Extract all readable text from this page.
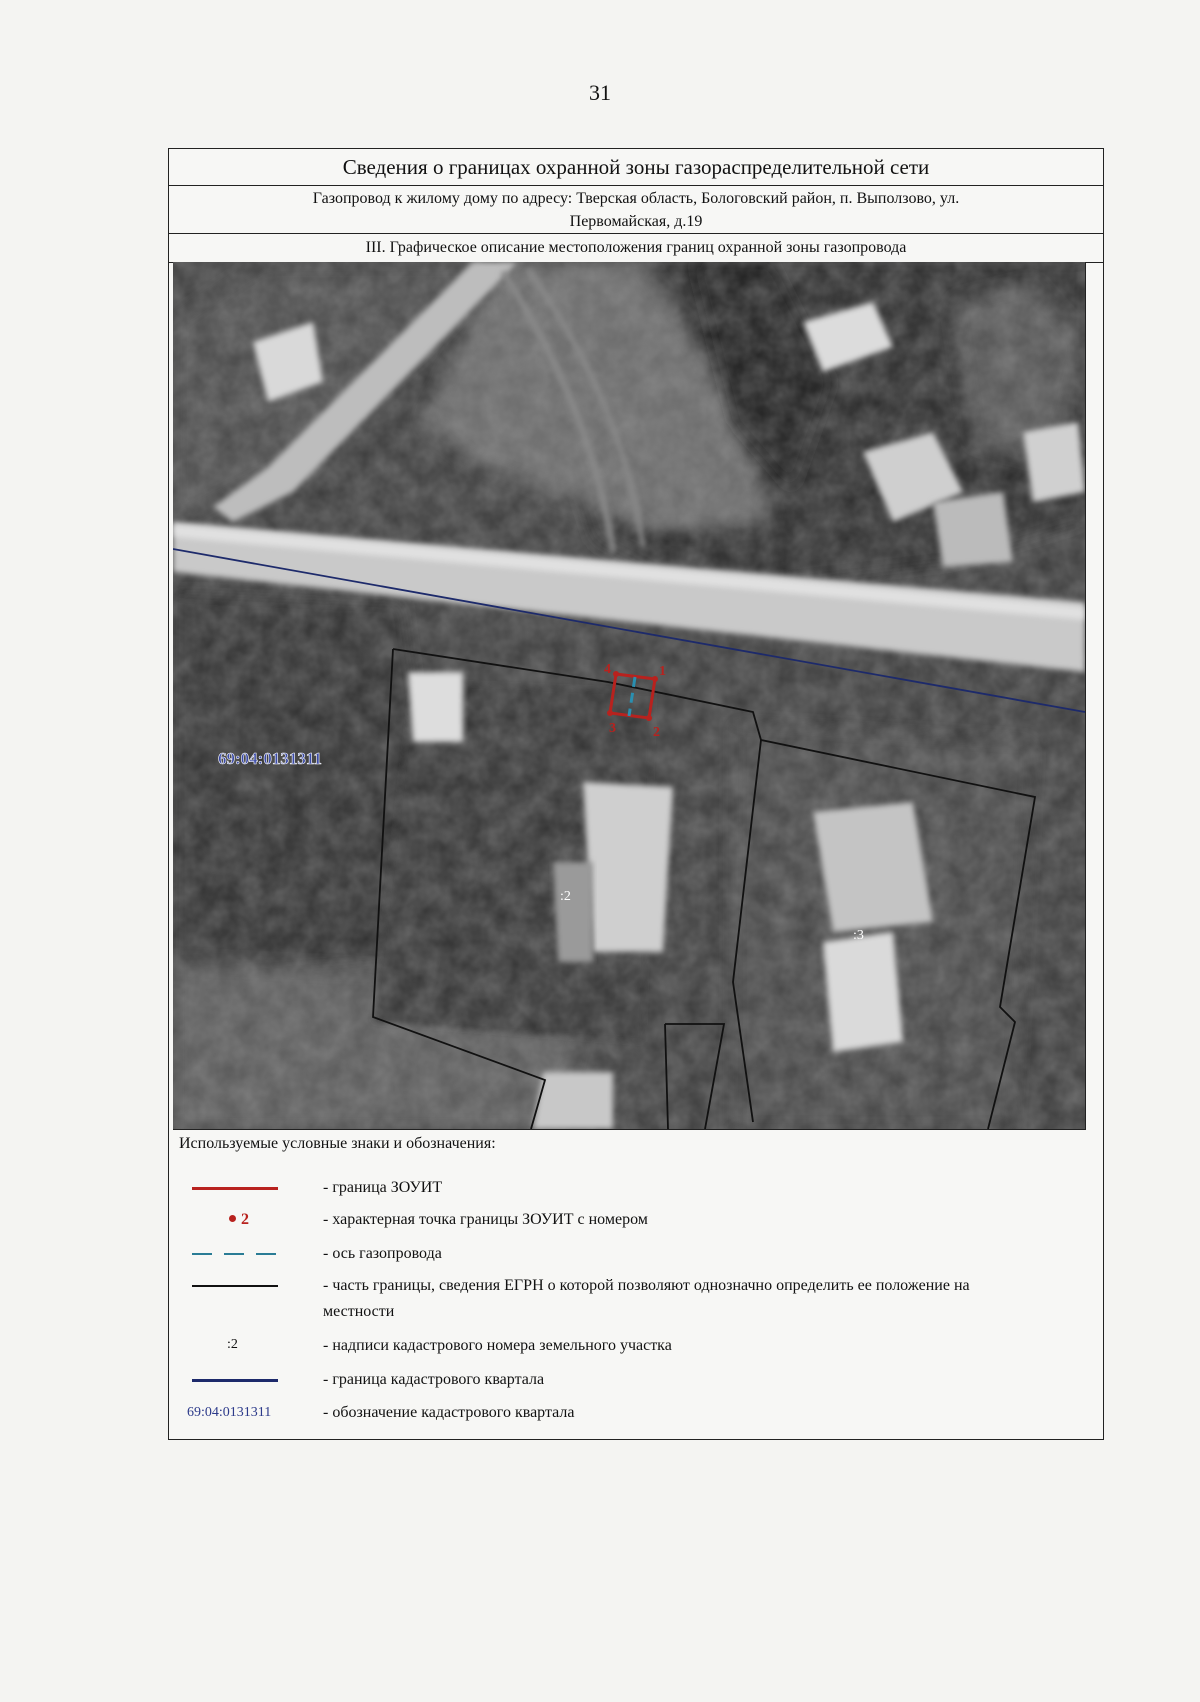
31
Сведения о границах охранной зоны газораспределительной сети
Газопровод к жилому дому по адресу: Тверская область, Бологовский район, п. Выползово, ул.
Первомайская, д.19
III. Графическое описание местоположения границ охранной зоны газопровода
1
2
3
4
69:04:0131311
:2
:3
Используемые условные знаки и обозначения:
- граница ЗОУИТ
2	- характерная точка границы ЗОУИТ с номером
- ось газопровода
- часть границы, сведения ЕГРН о которой позволяют однозначно определить ее положение на местности
:2	- надписи кадастрового номера земельного участка
- граница кадастрового квартала
69:04:0131311	- обозначение кадастрового квартала
